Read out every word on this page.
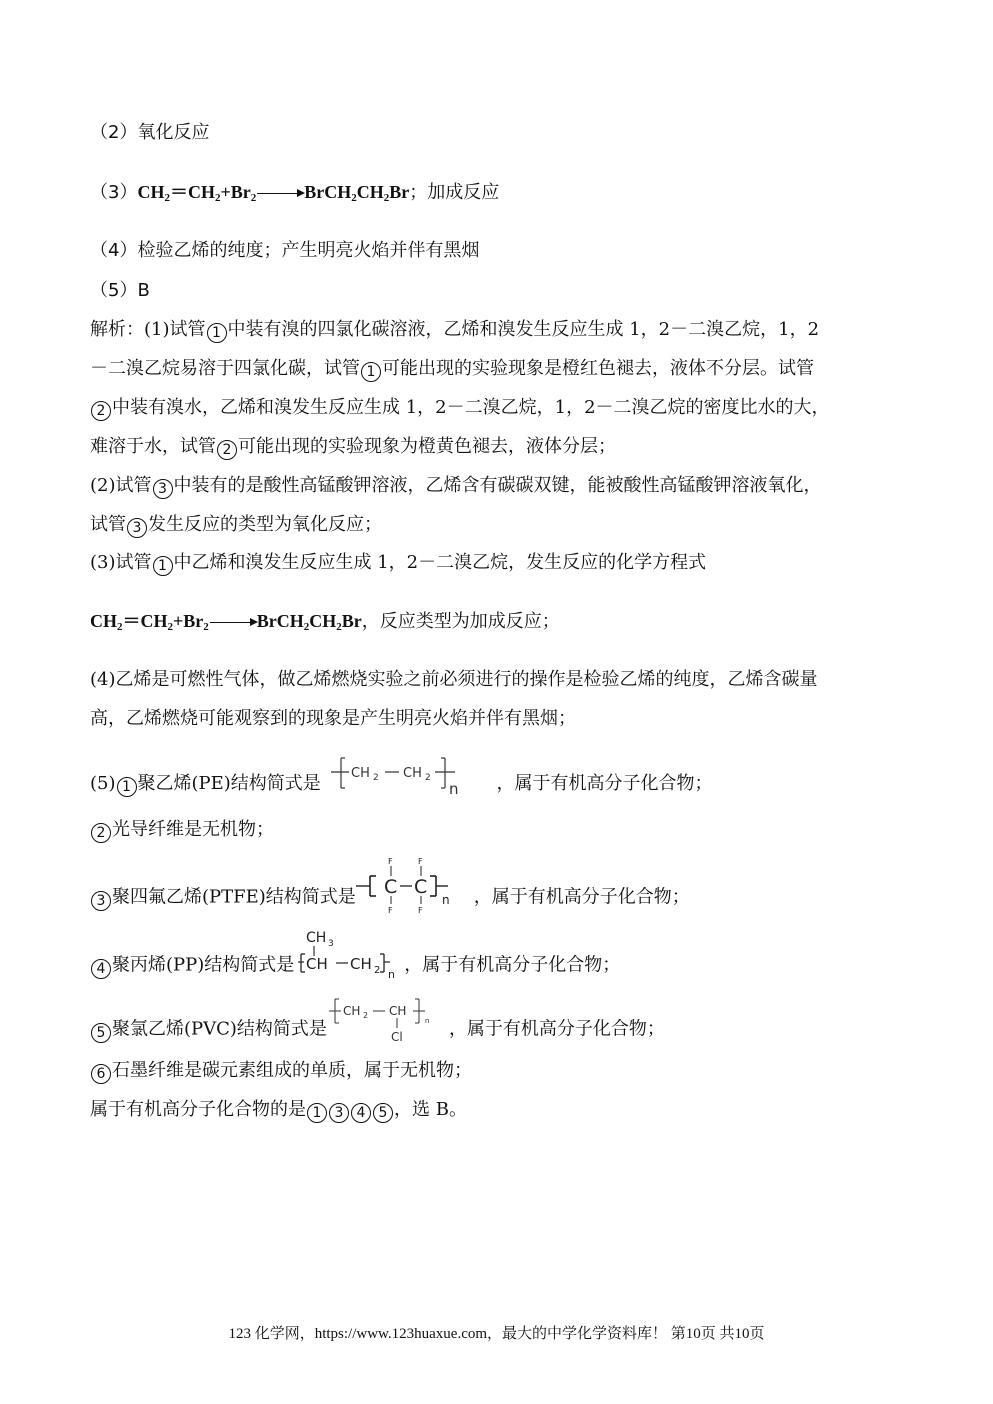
（2）氧化反应
$(3)CH_2=CH_2+Br_2\to BrCH_2CH_2Br$；加成反应
（4）检验乙烯的纯度；产生明亮火焰并伴有黑烟
（5）B
解析：(1)试管 1 中装有溴的四氯化碳溶液，乙烯和溴发生反应生成 1，2－二溴乙烷，1，2
－二溴乙烷易溶于四氯化碳，试管 1 可能出现的实验现象是橙红色褪去，液体不分层。试管
2 中装有溴水，乙烯和溴发生反应生成 1，2－二溴乙烷，1，2－二溴乙烷的密度比水的大，
难溶于水，试管 2 可能出现的实验现象为橙黄色褪去，液体分层；
(2)试管 3 中装有的是酸性高锰酸钾溶液，乙烯含有碳碳双键，能被酸性高锰酸钾溶液氧化，
试管 3 发生反应的类型为氧化反应；
(3)试管 1 中乙烯和溴发生反应生成 1，2－二溴乙烷，发生反应的化学方程式
$CH_2=CH_2+Br_2\to BrCH_2CH_2Br$，反应类型为加成反应；
(4)乙烯是可燃性气体，做乙烯燃烧实验之前必须进行的操作是检验乙烯的纯度，乙烯含碳量
高，乙烯燃烧可能观察到的现象是产生明亮火焰并伴有黑烟；
(5) 1 聚乙烯(PE)结构简式是 CH 2 CH 2
n ，属于有机高分子化合物；
2 光导纤维是无机物；
3 聚四氟乙烯(PTFE)结构简式是
F
C
F
F
C
F
n ，属于有机高分子化合物；
4 聚丙烯(PP)结构简式是
CH 3
CH CH 2 n ，属于有机高分子化合物；
5 聚氯乙烯(PVC)结构简式是
CH 2 CH
Cl
n ，属于有机高分子化合物；
6 石墨纤维是碳元素组成的单质，属于无机物；
属于有机高分子化合物的是 1 3 4 5 ，选 B。
123 化学网，https://www.123huaxue.com，最大的中学化学资料库！ 第10页 共10页
